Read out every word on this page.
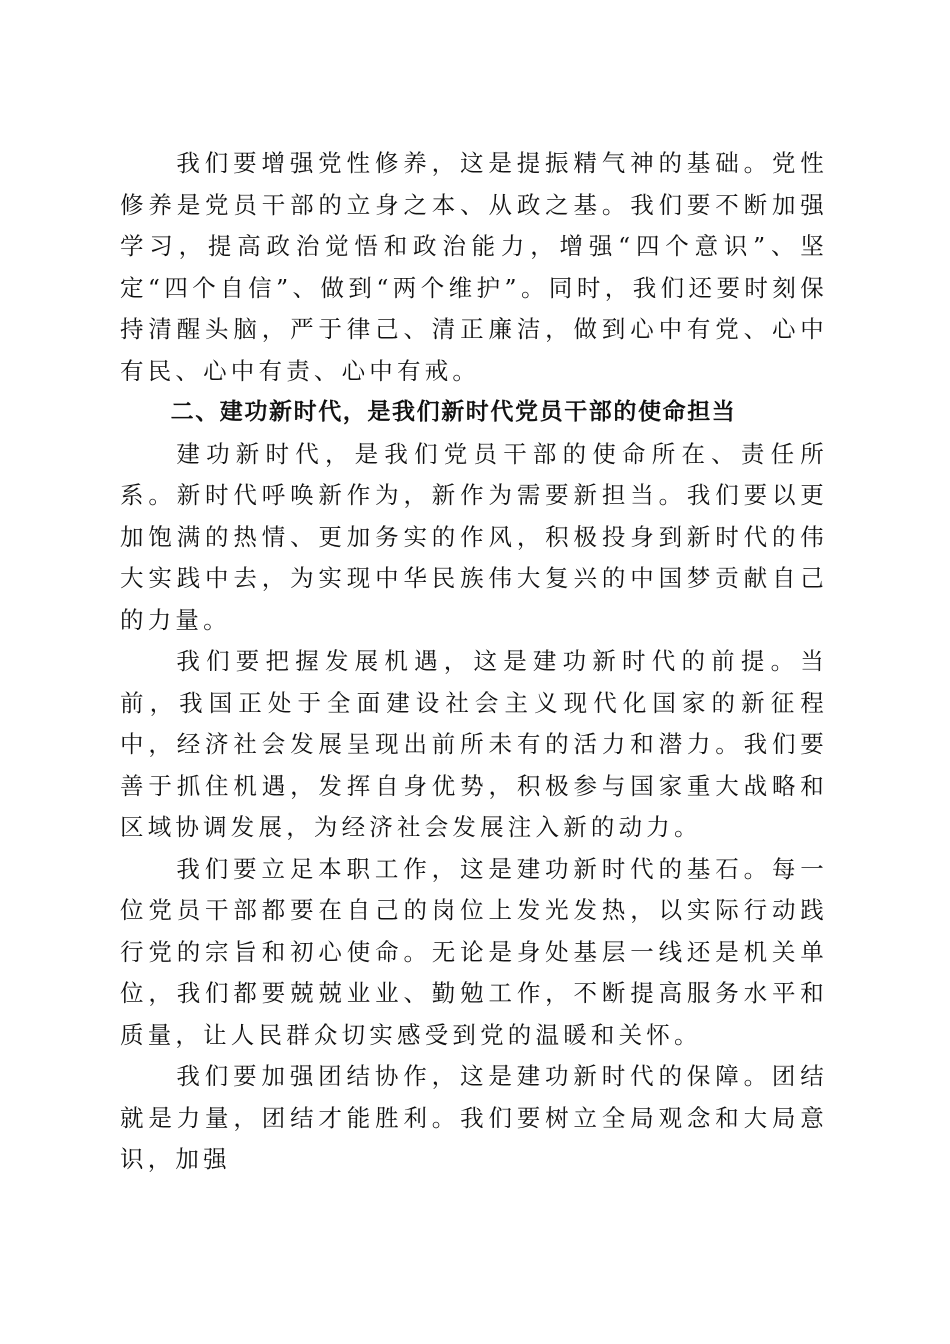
我们要增强党性修养，这是提振精气神的基础。党性修养是党员干部的立身之本、从政之基。我们要不断加强学习，提高政治觉悟和政治能力，增强“四个意识”、坚定“四个自信”、做到“两个维护”。同时，我们还要时刻保持清醒头脑，严于律己、清正廉洁，做到心中有党、心中有民、心中有责、心中有戒。

二、建功新时代，是我们新时代党员干部的使命担当

建功新时代，是我们党员干部的使命所在、责任所系。新时代呼唤新作为，新作为需要新担当。我们要以更加饱满的热情、更加务实的作风，积极投身到新时代的伟大实践中去，为实现中华民族伟大复兴的中国梦贡献自己的力量。

我们要把握发展机遇，这是建功新时代的前提。当前，我国正处于全面建设社会主义现代化国家的新征程中，经济社会发展呈现出前所未有的活力和潜力。我们要善于抓住机遇，发挥自身优势，积极参与国家重大战略和区域协调发展，为经济社会发展注入新的动力。

我们要立足本职工作，这是建功新时代的基石。每一位党员干部都要在自己的岗位上发光发热，以实际行动践行党的宗旨和初心使命。无论是身处基层一线还是机关单位，我们都要兢兢业业、勤勉工作，不断提高服务水平和质量，让人民群众切实感受到党的温暖和关怀。

我们要加强团结协作，这是建功新时代的保障。团结就是力量，团结才能胜利。我们要树立全局观念和大局意识，加强
